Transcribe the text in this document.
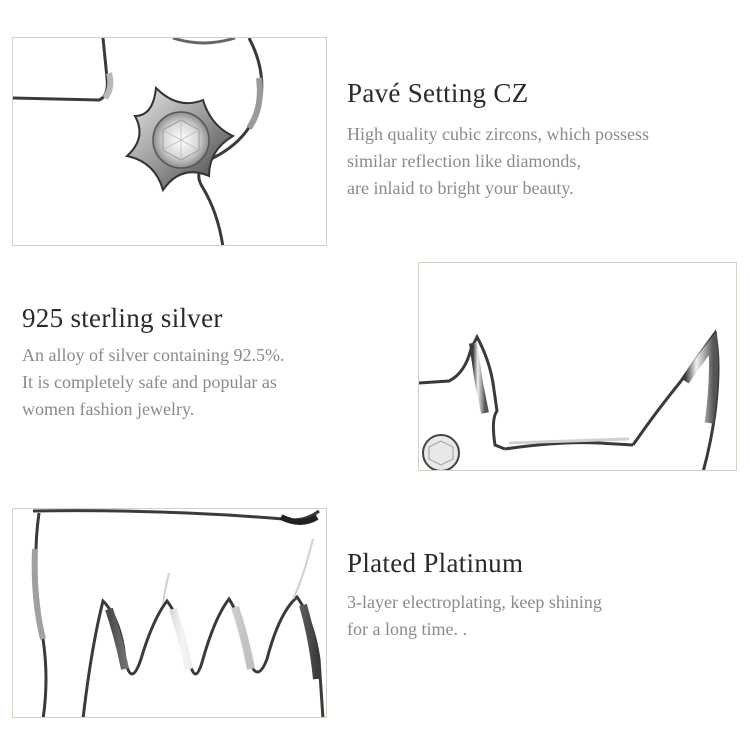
Pavé Setting CZ

High quality cubic zircons, which possess
similar reflection like diamonds,
are inlaid to bright your beauty.

925 sterling silver

An alloy of silver containing 92.5%.
It is completely safe and popular as
women fashion jewelry.

Plated Platinum

3-layer electroplating, keep shining
for a long time. .
